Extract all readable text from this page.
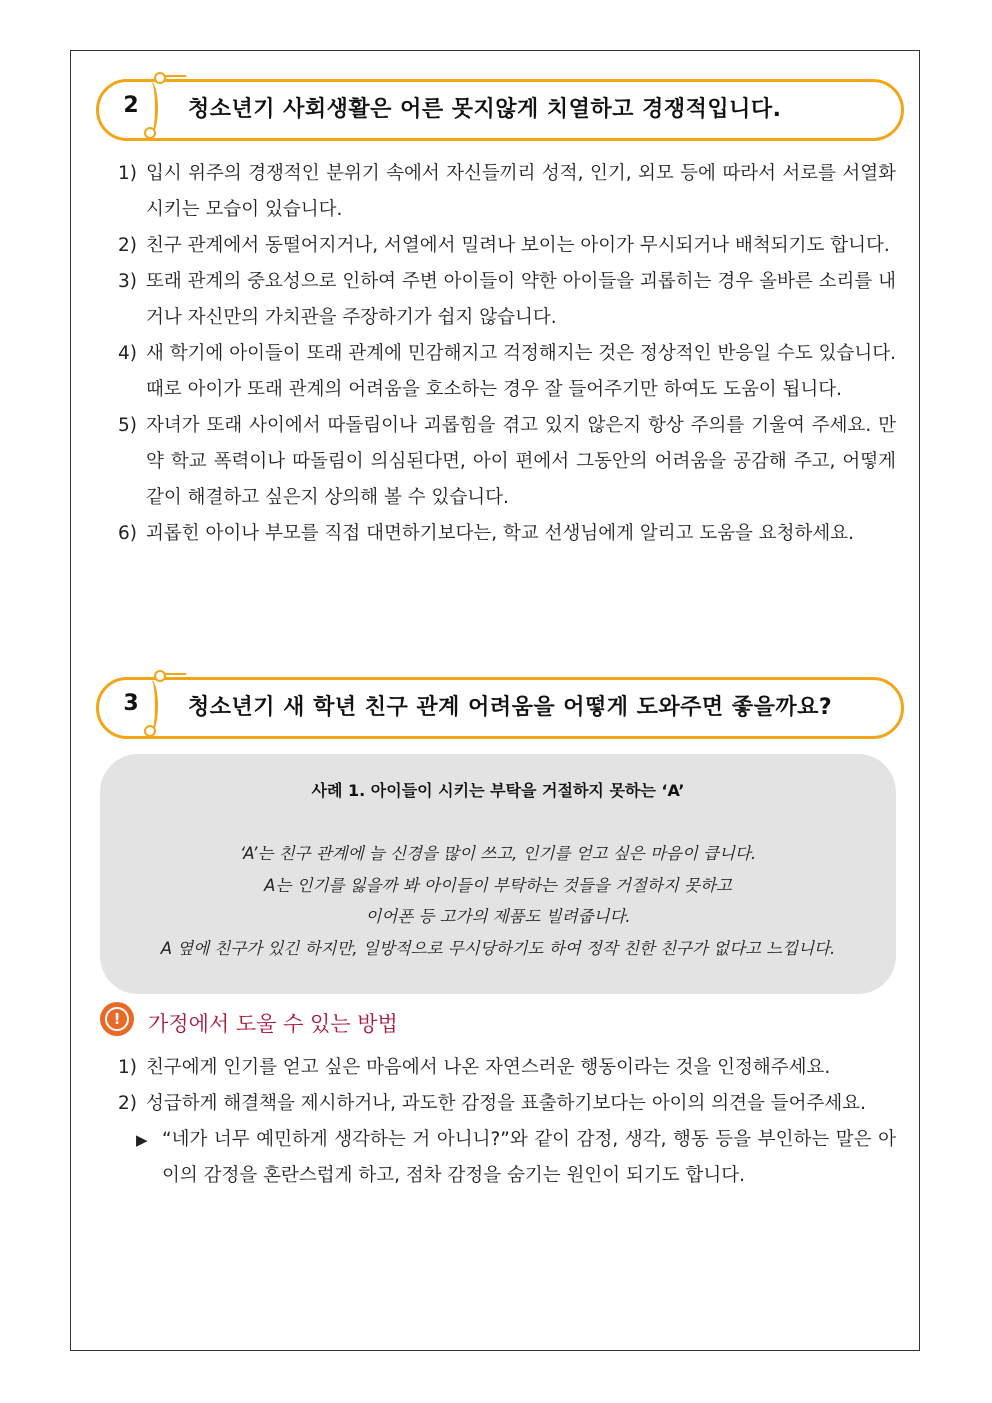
2	청소년기 사회생활은 어른 못지않게 치열하고 경쟁적입니다.
1) 입시 위주의 경쟁적인 분위기 속에서 자신들끼리 성적, 인기, 외모 등에 따라서 서로를 서열화 시키는 모습이 있습니다.
2) 친구 관계에서 동떨어지거나, 서열에서 밀려나 보이는 아이가 무시되거나 배척되기도 합니다.
3) 또래 관계의 중요성으로 인하여 주변 아이들이 약한 아이들을 괴롭히는 경우 올바른 소리를 내거나 자신만의 가치관을 주장하기가 쉽지 않습니다.
4) 새 학기에 아이들이 또래 관계에 민감해지고 걱정해지는 것은 정상적인 반응일 수도 있습니다. 때로 아이가 또래 관계의 어려움을 호소하는 경우 잘 들어주기만 하여도 도움이 됩니다.
5) 자녀가 또래 사이에서 따돌림이나 괴롭힘을 겪고 있지 않은지 항상 주의를 기울여 주세요. 만약 학교 폭력이나 따돌림이 의심된다면, 아이 편에서 그동안의 어려움을 공감해 주고, 어떻게 같이 해결하고 싶은지 상의해 볼 수 있습니다.
6) 괴롭힌 아이나 부모를 직접 대면하기보다는, 학교 선생님에게 알리고 도움을 요청하세요.
3	청소년기 새 학년 친구 관계 어려움을 어떻게 도와주면 좋을까요?
사례 1. 아이들이 시키는 부탁을 거절하지 못하는 ‘A’
‘A’는 친구 관계에 늘 신경을 많이 쓰고, 인기를 얻고 싶은 마음이 큽니다.
A는 인기를 잃을까 봐 아이들이 부탁하는 것들을 거절하지 못하고
이어폰 등 고가의 제품도 빌려줍니다.
A 옆에 친구가 있긴 하지만, 일방적으로 무시당하기도 하여 정작 친한 친구가 없다고 느낍니다.
!	가정에서 도울 수 있는 방법
1) 친구에게 인기를 얻고 싶은 마음에서 나온 자연스러운 행동이라는 것을 인정해주세요.
2) 성급하게 해결책을 제시하거나, 과도한 감정을 표출하기보다는 아이의 의견을 들어주세요.
▶ “네가 너무 예민하게 생각하는 거 아니니?”와 같이 감정, 생각, 행동 등을 부인하는 말은 아이의 감정을 혼란스럽게 하고, 점차 감정을 숨기는 원인이 되기도 합니다.
